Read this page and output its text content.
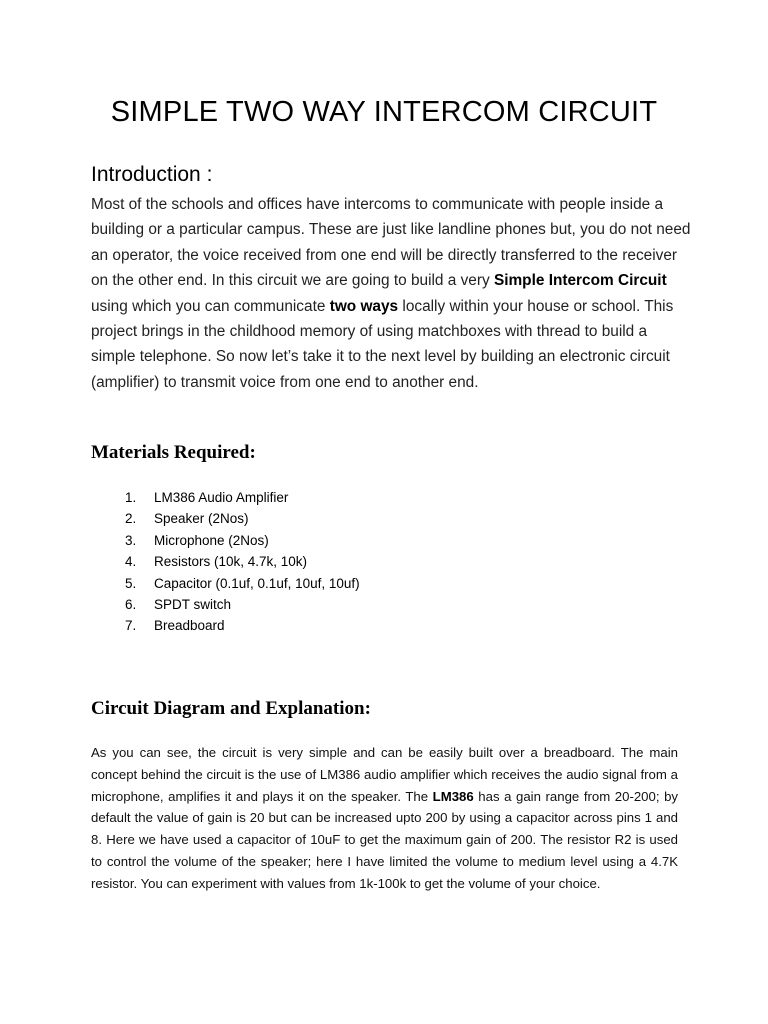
SIMPLE TWO WAY INTERCOM CIRCUIT
Introduction :

Most of the schools and offices have intercoms to communicate with people inside a building or a particular campus. These are just like landline phones but, you do not need an operator, the voice received from one end will be directly transferred to the receiver on the other end. In this circuit we are going to build a very Simple Intercom Circuit using which you can communicate two ways locally within your house or school. This project brings in the childhood memory of using matchboxes with thread to build a simple telephone. So now let’s take it to the next level by building an electronic circuit (amplifier) to transmit voice from one end to another end.

Materials Required:
1.	LM386 Audio Amplifier
2.	Speaker (2Nos)
3.	Microphone (2Nos)
4.	Resistors (10k, 4.7k, 10k)
5.	Capacitor (0.1uf, 0.1uf, 10uf, 10uf)
6.	SPDT switch
7.	Breadboard
Circuit Diagram and Explanation:

As you can see, the circuit is very simple and can be easily built over a breadboard. The main concept behind the circuit is the use of LM386 audio amplifier which receives the audio signal from a microphone, amplifies it and plays it on the speaker. The LM386 has a gain range from 20-200; by default the value of gain is 20 but can be increased upto 200 by using a capacitor across pins 1 and 8. Here we have used a capacitor of 10uF to get the maximum gain of 200. The resistor R2 is used to control the volume of the speaker; here I have limited the volume to medium level using a 4.7K resistor. You can experiment with values from 1k-100k to get the volume of your choice.
